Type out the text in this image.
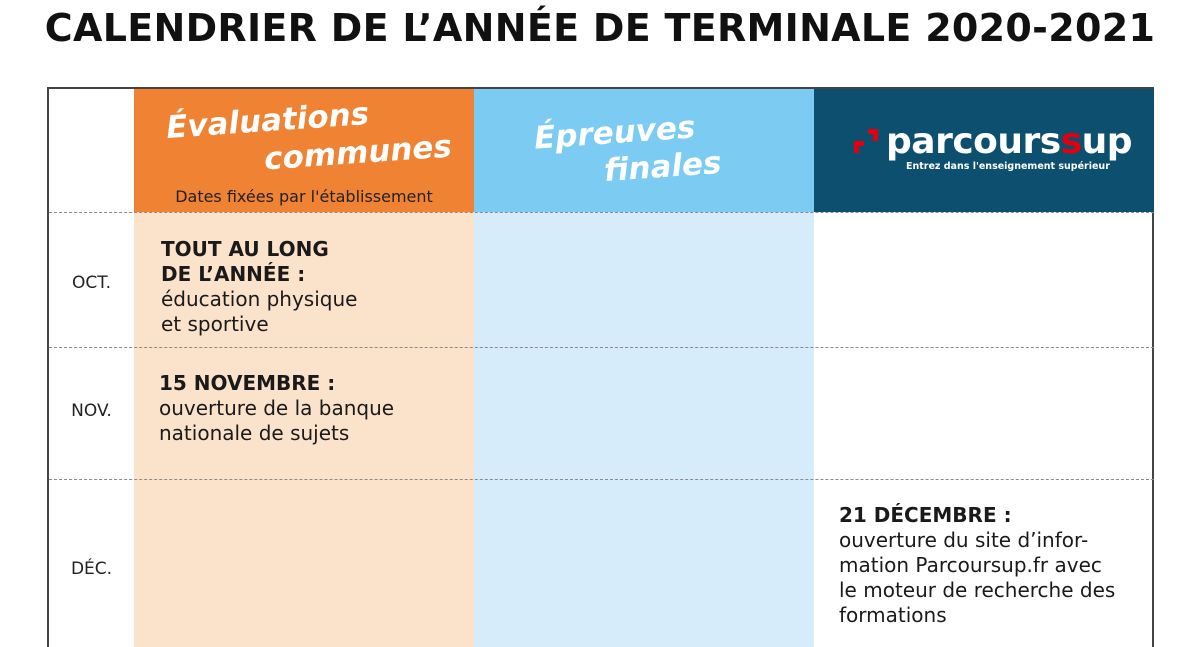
CALENDRIER DE L’ANNÉE DE TERMINALE 2020-2021
Évaluations
communes
Dates fixées par l'établissement
Épreuves
finales
parcourssup
Entrez dans l'enseignement supérieur
OCT.
NOV.
DÉC.
TOUT AU LONG
DE L’ANNÉE :
éducation physique
et sportive
15 NOVEMBRE :
ouverture de la banque
nationale de sujets
21 DÉCEMBRE :
ouverture du site d’infor-
mation Parcoursup.fr avec
le moteur de recherche des
formations
